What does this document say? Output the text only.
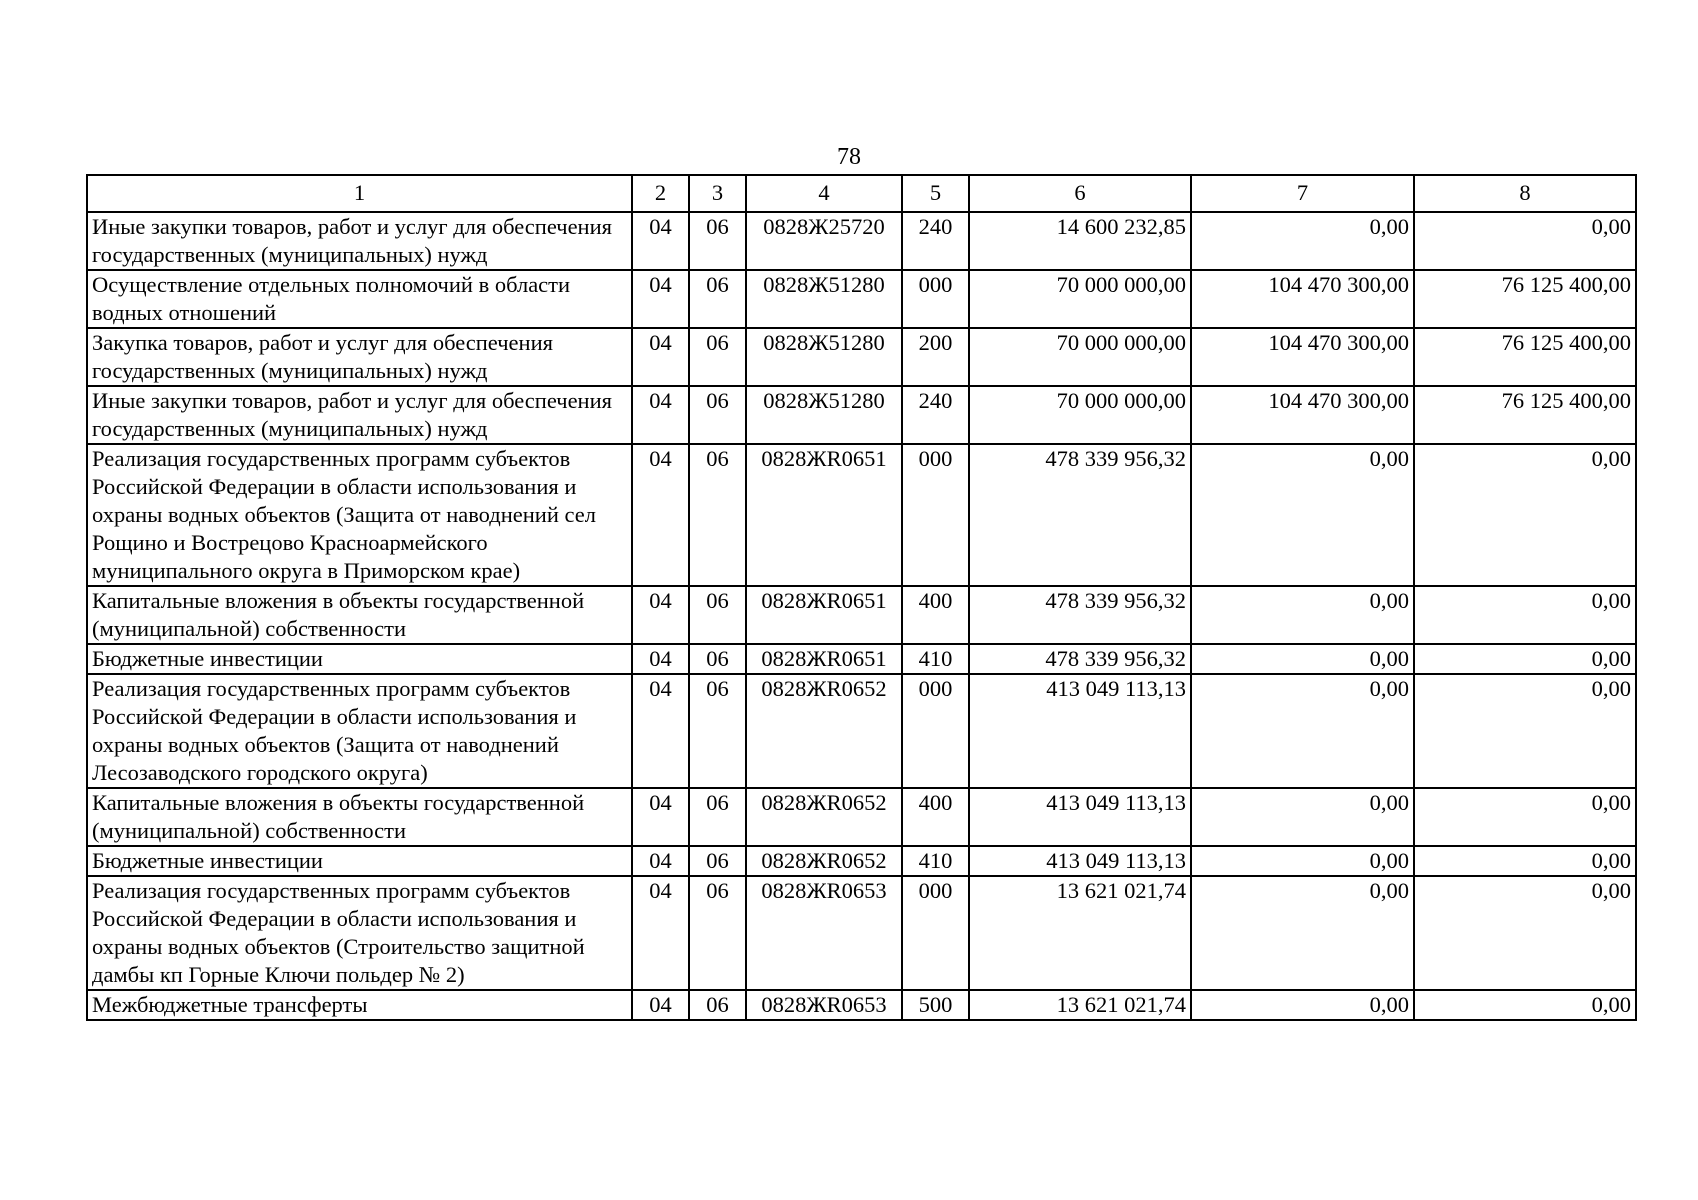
78
1	2	3	4	5	6	7	8
Иные закупки товаров, работ и услуг для обеспечения государственных (муниципальных) нужд	04	06	0828Ж25720	240	14 600 232,85	0,00	0,00
Осуществление отдельных полномочий в области водных отношений	04	06	0828Ж51280	000	70 000 000,00	104 470 300,00	76 125 400,00
Закупка товаров, работ и услуг для обеспечения государственных (муниципальных) нужд	04	06	0828Ж51280	200	70 000 000,00	104 470 300,00	76 125 400,00
Иные закупки товаров, работ и услуг для обеспечения государственных (муниципальных) нужд	04	06	0828Ж51280	240	70 000 000,00	104 470 300,00	76 125 400,00
Реализация государственных программ субъектов Российской Федерации в области использования и охраны водных объектов (Защита от наводнений сел Рощино и Вострецово Красноармейского муниципального округа в Приморском крае)	04	06	0828ЖR0651	000	478 339 956,32	0,00	0,00
Капитальные вложения в объекты государственной (муниципальной) собственности	04	06	0828ЖR0651	400	478 339 956,32	0,00	0,00
Бюджетные инвестиции	04	06	0828ЖR0651	410	478 339 956,32	0,00	0,00
Реализация государственных программ субъектов Российской Федерации в области использования и охраны водных объектов (Защита от наводнений Лесозаводского городского округа)	04	06	0828ЖR0652	000	413 049 113,13	0,00	0,00
Капитальные вложения в объекты государственной (муниципальной) собственности	04	06	0828ЖR0652	400	413 049 113,13	0,00	0,00
Бюджетные инвестиции	04	06	0828ЖR0652	410	413 049 113,13	0,00	0,00
Реализация государственных программ субъектов Российской Федерации в области использования и охраны водных объектов (Строительство защитной дамбы кп Горные Ключи польдер № 2)	04	06	0828ЖR0653	000	13 621 021,74	0,00	0,00
Межбюджетные трансферты	04	06	0828ЖR0653	500	13 621 021,74	0,00	0,00
